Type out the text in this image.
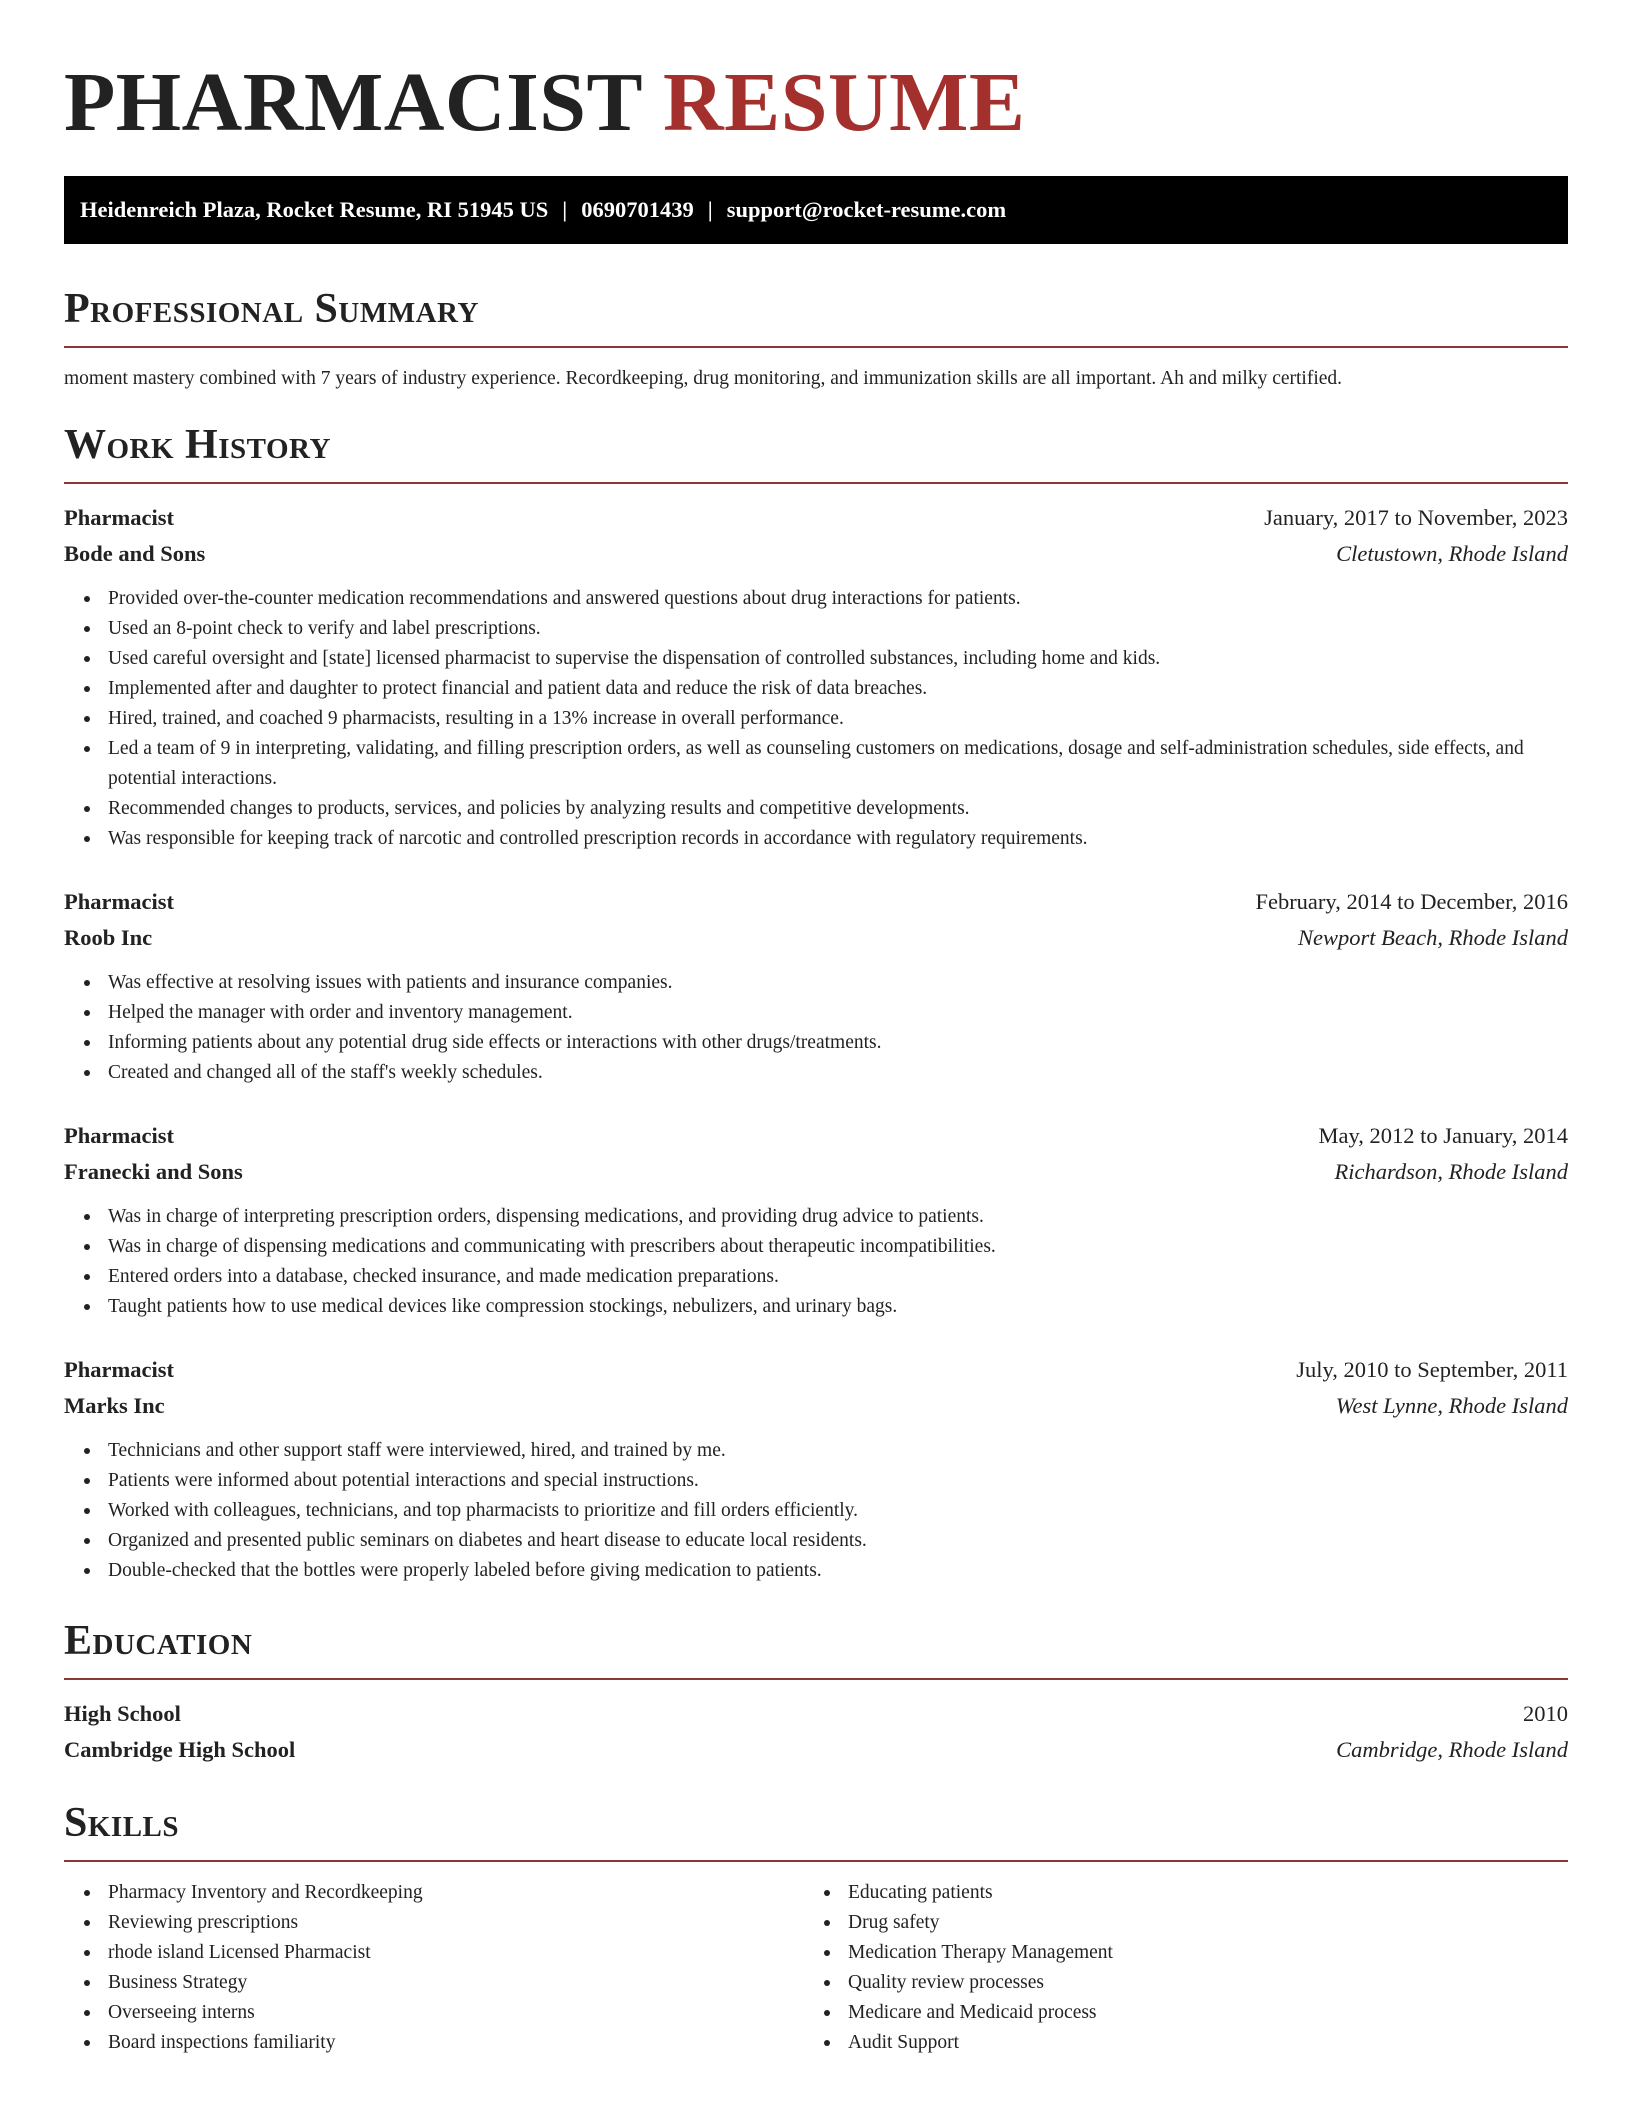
PHARMACIST RESUME
Heidenreich Plaza, Rocket Resume, RI 51945 US | 0690701439 | support@rocket-resume.com
Professional Summary
moment mastery combined with 7 years of industry experience. Recordkeeping, drug monitoring, and immunization skills are all important. Ah and milky certified.
Work History
Pharmacist	January, 2017 to November, 2023
Bode and Sons	Cletustown, Rhode Island
Provided over-the-counter medication recommendations and answered questions about drug interactions for patients.
Used an 8-point check to verify and label prescriptions.
Used careful oversight and [state] licensed pharmacist to supervise the dispensation of controlled substances, including home and kids.
Implemented after and daughter to protect financial and patient data and reduce the risk of data breaches.
Hired, trained, and coached 9 pharmacists, resulting in a 13% increase in overall performance.
Led a team of 9 in interpreting, validating, and filling prescription orders, as well as counseling customers on medications, dosage and self-administration schedules, side effects, and potential interactions.
Recommended changes to products, services, and policies by analyzing results and competitive developments.
Was responsible for keeping track of narcotic and controlled prescription records in accordance with regulatory requirements.
Pharmacist	February, 2014 to December, 2016
Roob Inc	Newport Beach, Rhode Island
Was effective at resolving issues with patients and insurance companies.
Helped the manager with order and inventory management.
Informing patients about any potential drug side effects or interactions with other drugs/treatments.
Created and changed all of the staff's weekly schedules.
Pharmacist	May, 2012 to January, 2014
Franecki and Sons	Richardson, Rhode Island
Was in charge of interpreting prescription orders, dispensing medications, and providing drug advice to patients.
Was in charge of dispensing medications and communicating with prescribers about therapeutic incompatibilities.
Entered orders into a database, checked insurance, and made medication preparations.
Taught patients how to use medical devices like compression stockings, nebulizers, and urinary bags.
Pharmacist	July, 2010 to September, 2011
Marks Inc	West Lynne, Rhode Island
Technicians and other support staff were interviewed, hired, and trained by me.
Patients were informed about potential interactions and special instructions.
Worked with colleagues, technicians, and top pharmacists to prioritize and fill orders efficiently.
Organized and presented public seminars on diabetes and heart disease to educate local residents.
Double-checked that the bottles were properly labeled before giving medication to patients.
Education
High School	2010
Cambridge High School	Cambridge, Rhode Island
Skills
Pharmacy Inventory and Recordkeeping
Reviewing prescriptions
rhode island Licensed Pharmacist
Business Strategy
Overseeing interns
Board inspections familiarity
Educating patients
Drug safety
Medication Therapy Management
Quality review processes
Medicare and Medicaid process
Audit Support
